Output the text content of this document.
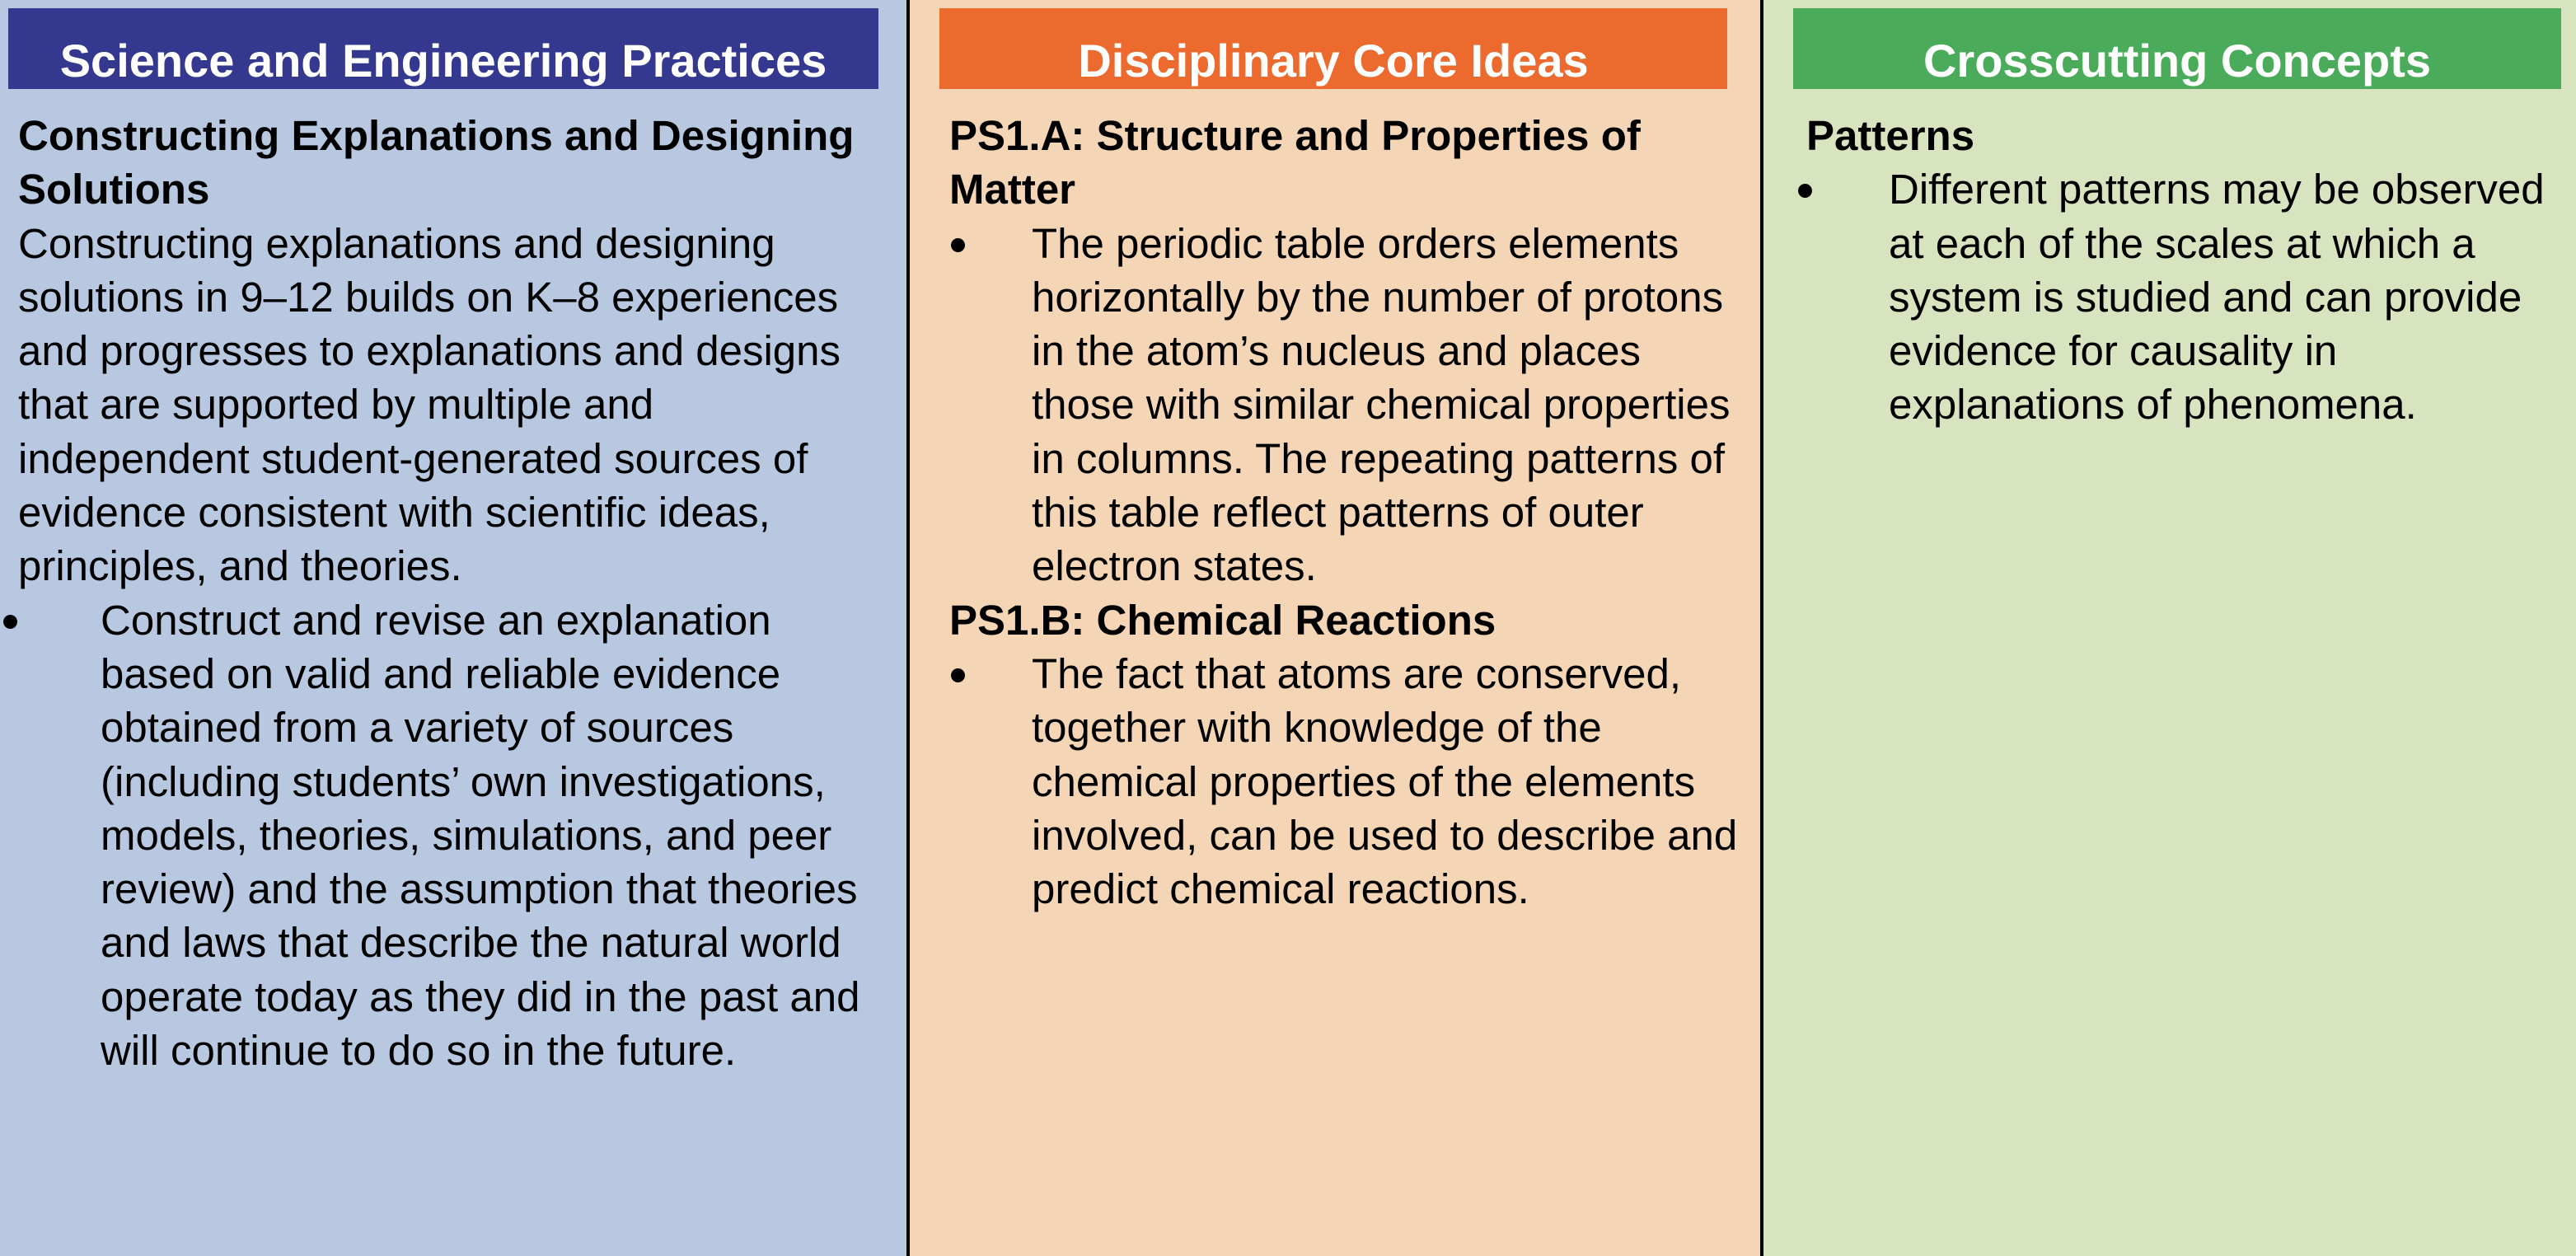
Science and Engineering Practices

Constructing Explanations and Designing Solutions

Constructing explanations and designing solutions in 9–12 builds on K–8 experiences and progresses to explanations and designs that are supported by multiple and independent student-generated sources of evidence consistent with scientific ideas, principles, and theories.

Construct and revise an explanation based on valid and reliable evidence obtained from a variety of sources (including students’ own investigations, models, theories, simulations, and peer review) and the assumption that theories and laws that describe the natural world operate today as they did in the past and will continue to do so in the future.
Disciplinary Core Ideas

PS1.A: Structure and Properties of Matter

The periodic table orders elements horizontally by the number of protons in the atom’s nucleus and places those with similar chemical properties in columns. The repeating patterns of this table reflect patterns of outer electron states.

PS1.B: Chemical Reactions

The fact that atoms are conserved, together with knowledge of the chemical properties of the elements involved, can be used to describe and predict chemical reactions.
Crosscutting Concepts

Patterns

Different patterns may be observed at each of the scales at which a system is studied and can provide evidence for causality in explanations of phenomena.
